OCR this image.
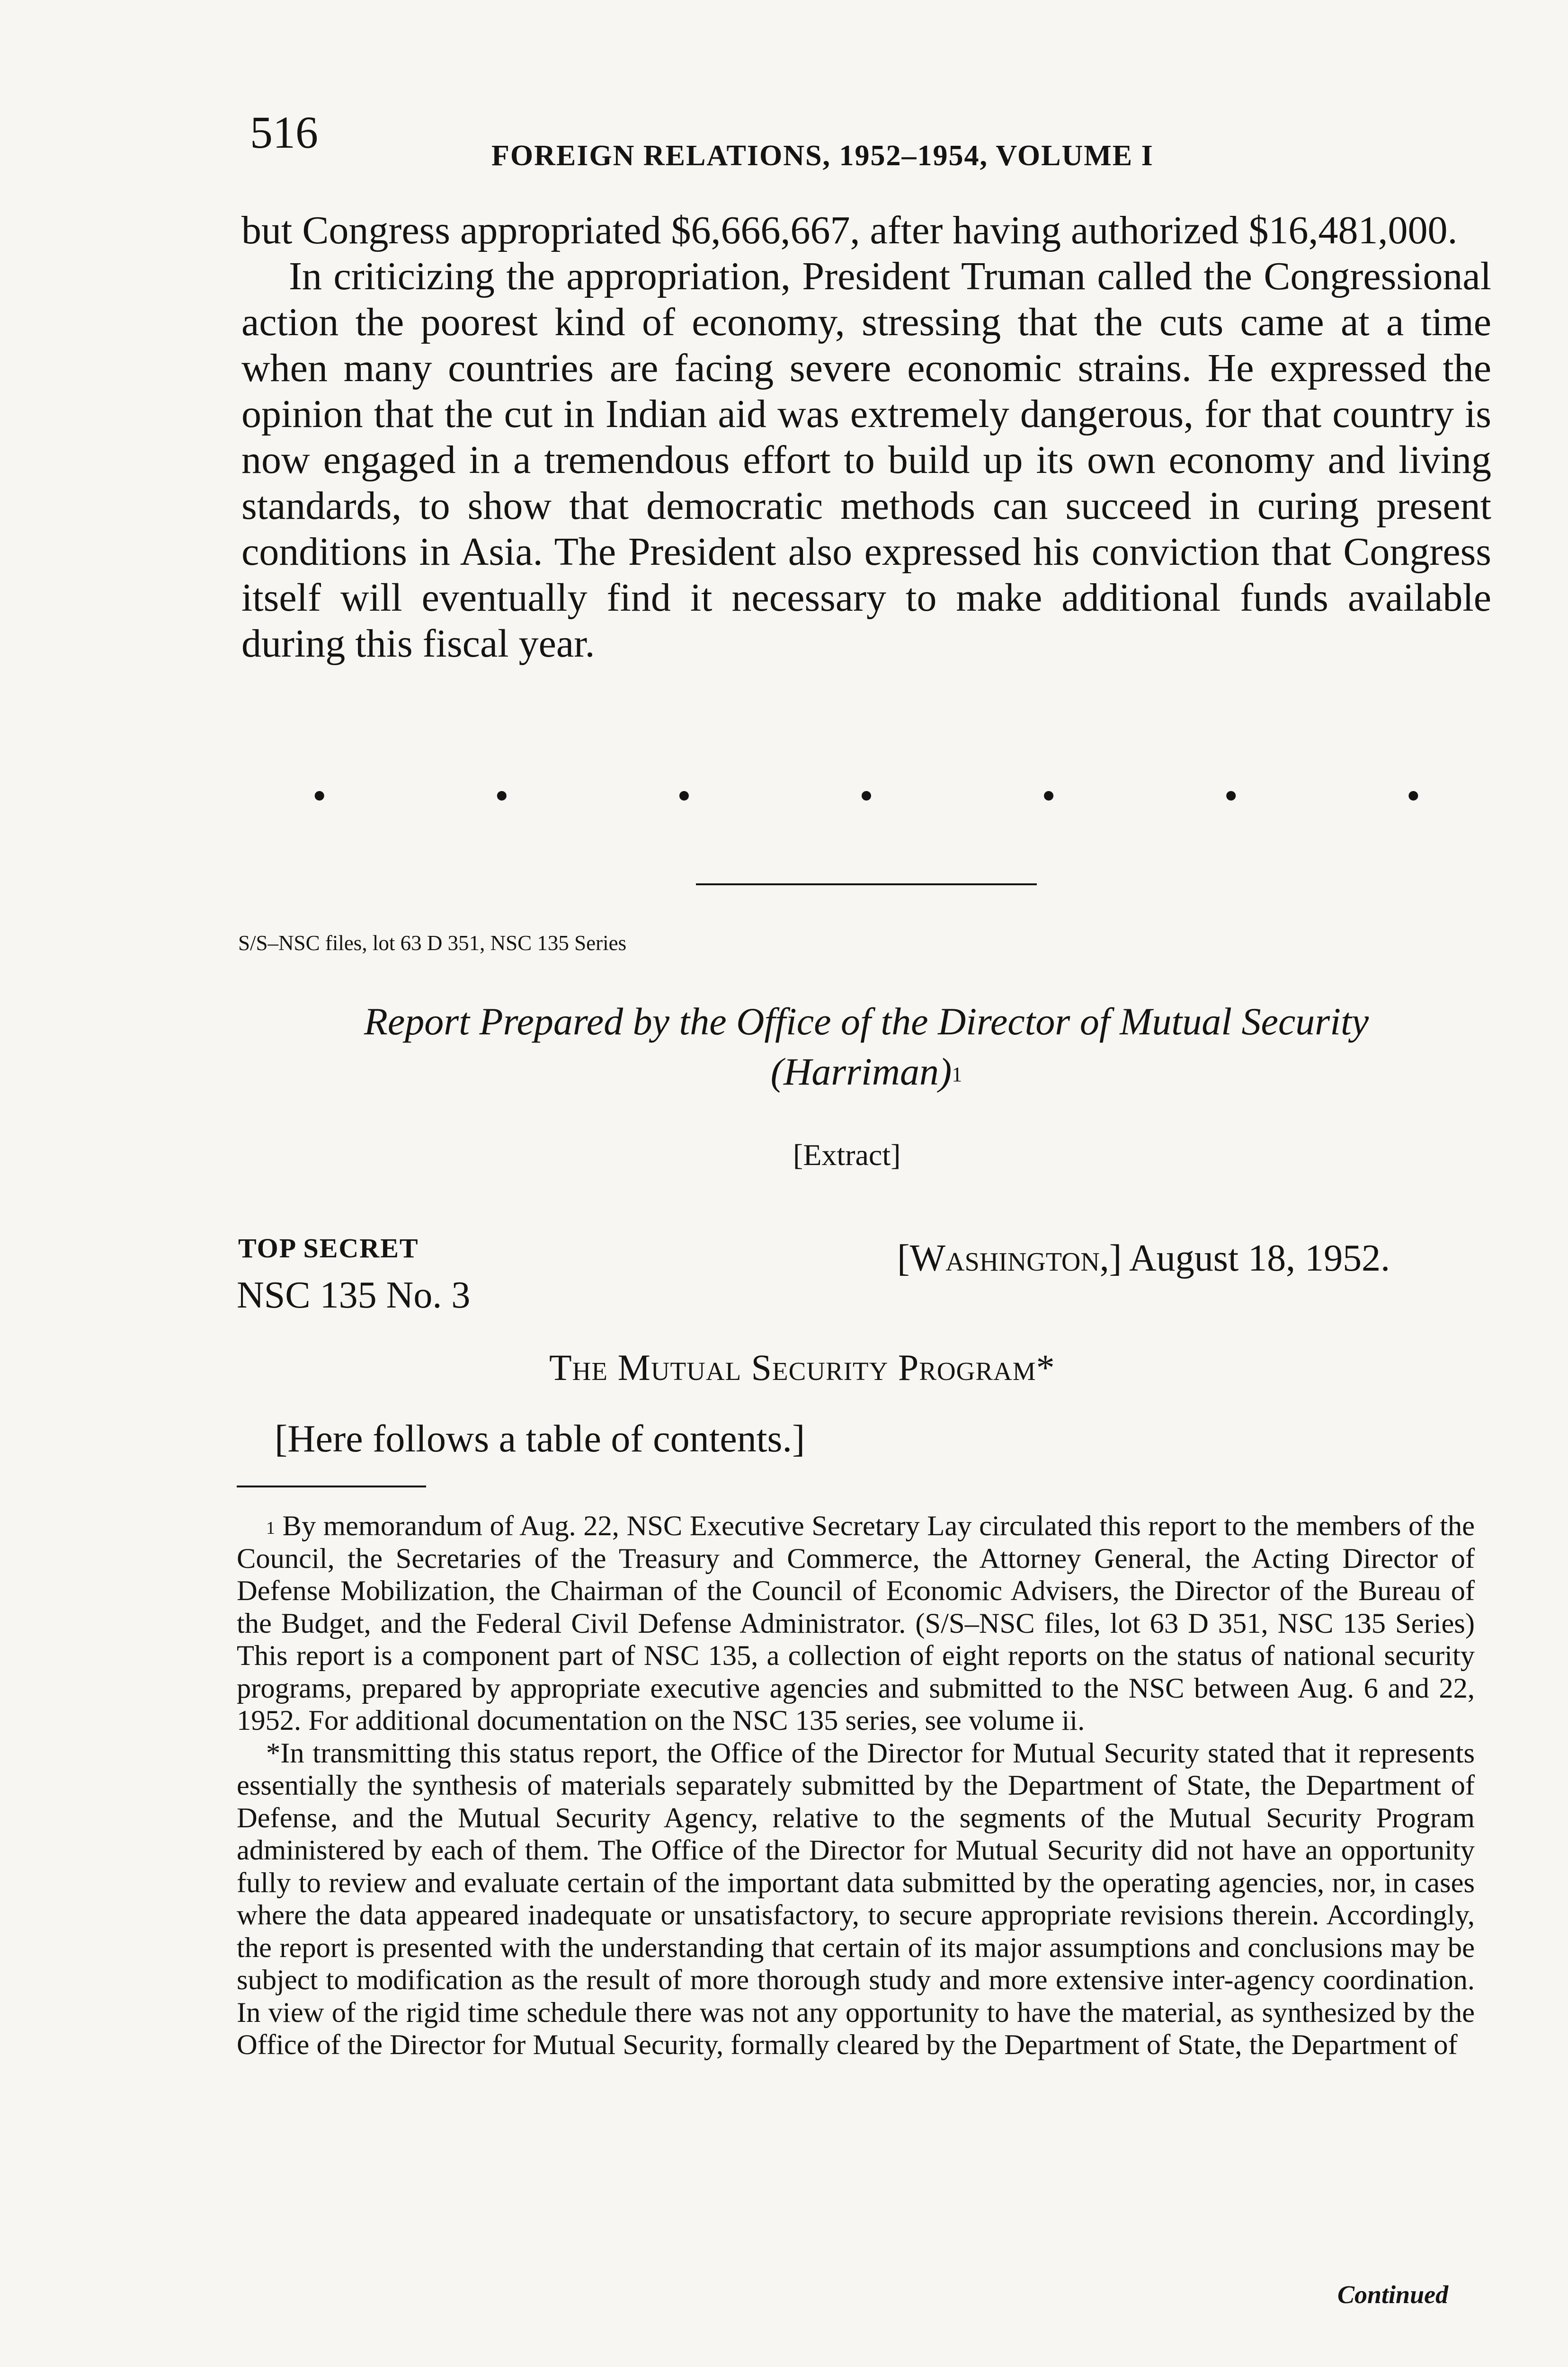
516	FOREIGN RELATIONS, 1952–1954, VOLUME I

but Congress appropriated $6,666,667, after having authorized $16,481,000.

In criticizing the appropriation, President Truman called the Congressional action the poorest kind of economy, stressing that the cuts came at a time when many countries are facing severe economic strains. He expressed the opinion that the cut in Indian aid was extremely dangerous, for that country is now engaged in a tremendous effort to build up its own economy and living standards, to show that democratic methods can succeed in curing present conditions in Asia. The President also expressed his conviction that Congress itself will eventually find it necessary to make additional funds available during this fiscal year.

•	•	•	•	•	•	•
S/S–NSC files, lot 63 D 351, NSC 135 Series
Report Prepared by the Office of the Director of Mutual Security
(Harriman)$^1$
[Extract]
TOP SECRET
NSC 135 No. 3
[Washington,] August 18, 1952.
The Mutual Security Program*
[Here follows a table of contents.]

$^1$ By memorandum of Aug. 22, NSC Executive Secretary Lay circulated this report to the members of the Council, the Secretaries of the Treasury and Commerce, the Attorney General, the Acting Director of Defense Mobilization, the Chairman of the Council of Economic Advisers, the Director of the Bureau of the Budget, and the Federal Civil Defense Administrator. (S/S–NSC files, lot 63 D 351, NSC 135 Series) This report is a component part of NSC 135, a collection of eight reports on the status of national security programs, prepared by appropriate executive agencies and submitted to the NSC between Aug. 6 and 22, 1952. For additional documentation on the NSC 135 series, see volume ii.

*In transmitting this status report, the Office of the Director for Mutual Security stated that it represents essentially the synthesis of materials separately submitted by the Department of State, the Department of Defense, and the Mutual Security Agency, relative to the segments of the Mutual Security Program administered by each of them. The Office of the Director for Mutual Security did not have an opportunity fully to review and evaluate certain of the important data submitted by the operating agencies, nor, in cases where the data appeared inadequate or unsatisfactory, to secure appropriate revisions therein. Accordingly, the report is presented with the understanding that certain of its major assumptions and conclusions may be subject to modification as the result of more thorough study and more extensive inter-agency coordination. In view of the rigid time schedule there was not any opportunity to have the material, as synthesized by the Office of the Director for Mutual Security, formally cleared by the Department of State, the Department of

Continued
